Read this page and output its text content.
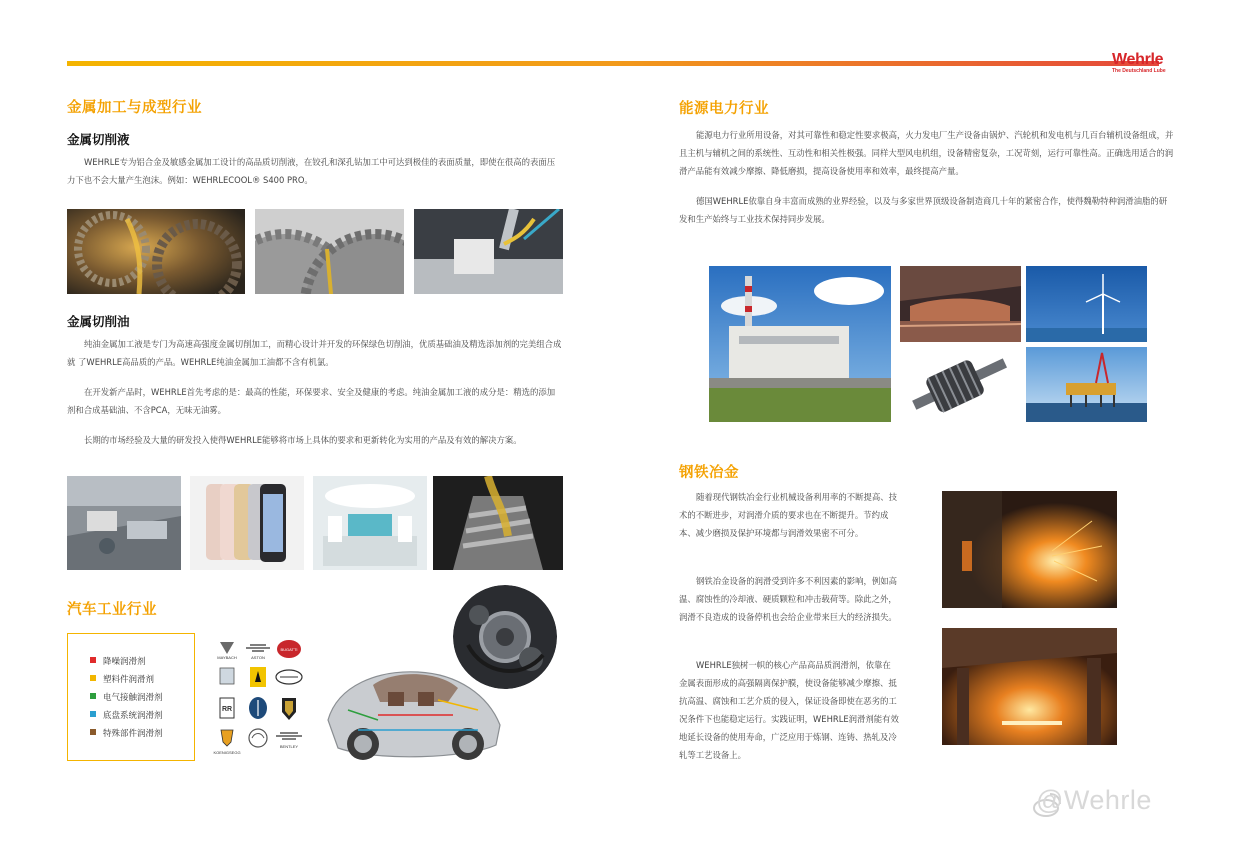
Wehrle
The Deutschland Lube
金属加工与成型行业
金属切削液

WEHRLE专为铝合金及敏感金属加工设计的高品质切削液，在铰孔和深孔钻加工中可达到极佳的表面质量，即使在很高的表面压力下也不会大量产生泡沫。例如：WEHRLECOOL® S400 PRO。

金属切削油

纯油金属加工液是专门为高速高强度金属切削加工，而精心设计并开发的环保绿色切削油，优质基础油及精选添加剂的完美组合成就 了WEHRLE高品质的产品。WEHRLE纯油金属加工油都不含有机氯。

在开发新产品时，WEHRLE首先考虑的是：最高的性能，环保要求、安全及健康的考虑。纯油金属加工液的成分是：精选的添加剂和合成基础油、不含PCA，无味无油雾。

长期的市场经验及大量的研发投入使得WEHRLE能够将市场上具体的要求和更新转化为实用的产品及有效的解决方案。

汽车工业行业
降噪润滑剂
塑料件润滑剂
电气接触润滑剂
底盘系统润滑剂
特殊部件润滑剂
MAYBACH	ASTON
BUGATTI
RR
KOENIGSEGG
BENTLEY
能源电力行业

能源电力行业所用设备，对其可靠性和稳定性要求极高，火力发电厂生产设备由锅炉、汽轮机和发电机与几百台辅机设备组成，并且主机与辅机之间的系统性、互动性和相关性极强。同样大型风电机组，设备精密复杂，工况苛刻，运行可靠性高。正确选用适合的润滑产品能有效减少摩擦、降低磨损，提高设备使用率和效率，最终提高产量。

德国WEHRLE依靠自身丰富而成熟的业界经验，以及与多家世界顶级设备制造商几十年的紧密合作，使得魏勒特种润滑油脂的研发和生产始终与工业技术保持同步发展。

钢铁冶金

随着现代钢铁冶金行业机械设备利用率的不断提高、技术的不断进步，对润滑介质的要求也在不断提升。节约成本、减少磨损及保护环境都与润滑效果密不可分。

钢铁冶金设备的润滑受到许多不利因素的影响，例如高温、腐蚀性的冷却液、硬质颗粒和冲击载荷等。除此之外，润滑不良造成的设备停机也会给企业带来巨大的经济损失。

WEHRLE独树一帜的核心产品高品质润滑剂，依靠在金属表面形成的高强隔离保护膜，使设备能够减少摩擦、抵抗高温、腐蚀和工艺介质的侵入，保证设备即使在恶劣的工况条件下也能稳定运行。实践证明，WEHRLE润滑剂能有效地延长设备的使用寿命，广泛应用于炼钢、连铸、热轧及冷轧等工艺设备上。

@Wehrle
